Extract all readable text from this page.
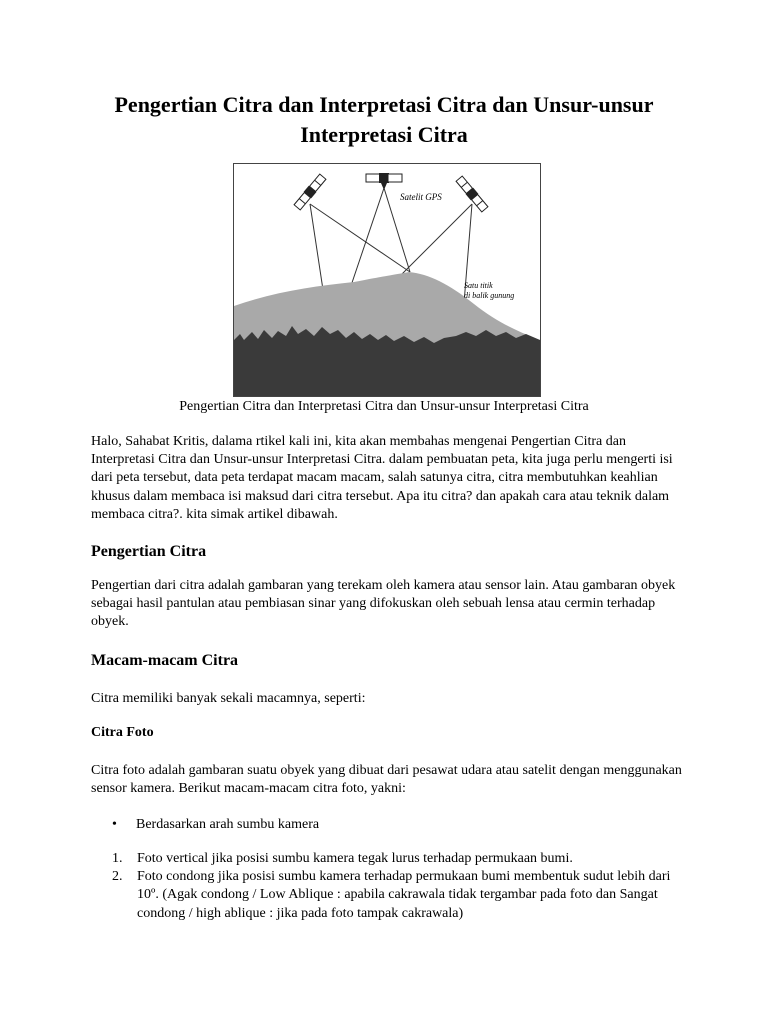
Pengertian Citra dan Interpretasi Citra dan Unsur-unsur
Interpretasi Citra
Satelit GPS
Satu titik
di balik gunung

Pengertian Citra dan Interpretasi Citra dan Unsur-unsur Interpretasi Citra

Halo, Sahabat Kritis, dalama rtikel kali ini, kita akan membahas mengenai Pengertian Citra dan Interpretasi Citra dan Unsur-unsur Interpretasi Citra. dalam pembuatan peta, kita juga perlu mengerti isi dari peta tersebut, data peta terdapat macam macam, salah satunya citra, citra membutuhkan keahlian khusus dalam membaca isi maksud dari citra tersebut. Apa itu citra? dan apakah cara atau teknik dalam membaca citra?. kita simak artikel dibawah.

Pengertian Citra

Pengertian dari citra adalah gambaran yang terekam oleh kamera atau sensor lain. Atau gambaran obyek sebagai hasil pantulan atau pembiasan sinar yang difokuskan oleh sebuah lensa atau cermin terhadap obyek.

Macam-macam Citra

Citra memiliki banyak sekali macamnya, seperti:

Citra Foto

Citra foto adalah gambaran suatu obyek yang dibuat dari pesawat udara atau satelit dengan menggunakan sensor kamera. Berikut macam-macam citra foto, yakni:

• Berdasarkan arah sumbu kamera
1. Foto vertical jika posisi sumbu kamera tegak lurus terhadap permukaan bumi.
2. Foto condong jika posisi sumbu kamera terhadap permukaan bumi membentuk sudut lebih dari 10º. (Agak condong / Low Ablique : apabila cakrawala tidak tergambar pada foto dan Sangat condong / high ablique : jika pada foto tampak cakrawala)
